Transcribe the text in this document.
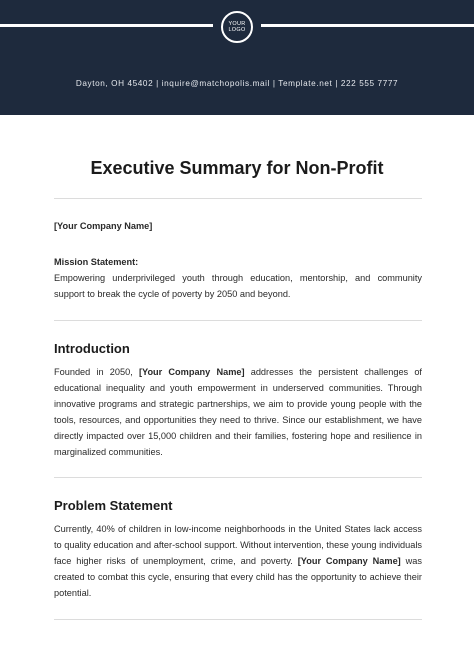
YOUR LOGO
Dayton, OH 45402 | inquire@matchopolis.mail | Template.net | 222 555 7777
Executive Summary for Non-Profit

[Your Company Name]

Mission Statement:

Empowering underprivileged youth through education, mentorship, and community support to break the cycle of poverty by 2050 and beyond.

Introduction

Founded in 2050, [Your Company Name] addresses the persistent challenges of educational inequality and youth empowerment in underserved communities. Through innovative programs and strategic partnerships, we aim to provide young people with the tools, resources, and opportunities they need to thrive. Since our establishment, we have directly impacted over 15,000 children and their families, fostering hope and resilience in marginalized communities.

Problem Statement

Currently, 40% of children in low-income neighborhoods in the United States lack access to quality education and after-school support. Without intervention, these young individuals face higher risks of unemployment, crime, and poverty. [Your Company Name] was created to combat this cycle, ensuring that every child has the opportunity to achieve their potential.
